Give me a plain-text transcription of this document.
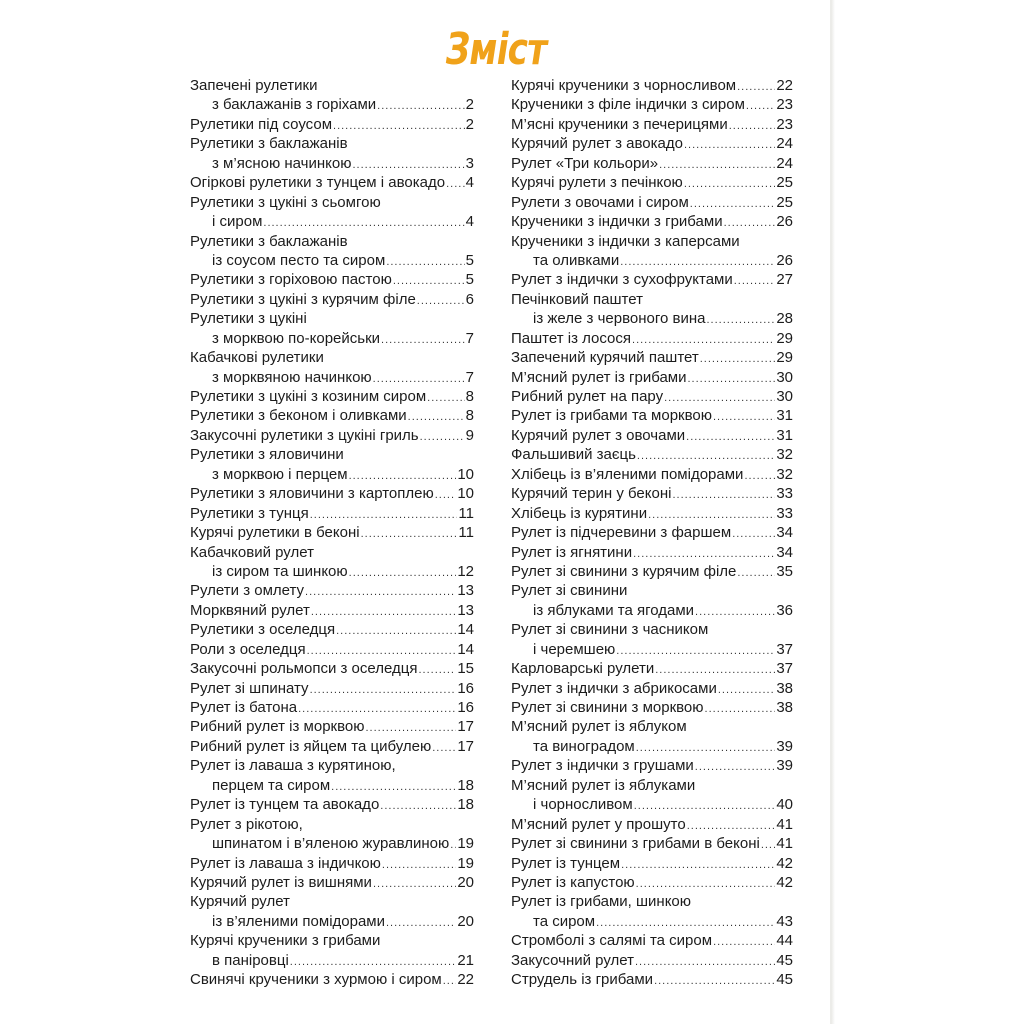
Зміст
Запечені рулетики
з баклажанів з горіхами .....	2
Рулетики під соусом .....	2
Рулетики з баклажанів
з м’ясною начинкою .....	3
Огіркові рулетики з тунцем і авокадо ..... 4
Рулетики з цукіні з сьомгою
і сиром .....	4
Рулетики з баклажанів
із соусом песто та сиром .....	5
Рулетики з горіховою пастою .....	5
Рулетики з цукіні з курячим філе .....	6
Рулетики з цукіні
з морквою по-корейськи .....	7
Кабачкові рулетики
з морквяною начинкою .....	7
Рулетики з цукіні з козиним сиром .....	8
Рулетики з беконом і оливками .....	8
Закусочні рулетики з цукіні гриль .....	9
Рулетики з яловичини
з морквою і перцем .....	10
Рулетики з яловичини з картоплею ..... 10
Рулетики з тунця .....	11
Курячі рулетики в беконі .....	11
Кабачковий рулет
із сиром та шинкою .....	12
Рулети з омлету .....	13
Морквяний рулет .....	13
Рулетики з оселедця .....	14
Роли з оселедця .....	14
Закусочні рольмопси з оселедця .....	15
Рулет зі шпинату .....	16
Рулет із батона .....	16
Рибний рулет із морквою .....	17
Рибний рулет із яйцем та цибулею ..... 17
Рулет із лаваша з курятиною,
перцем та сиром .....	18
Рулет із тунцем та авокадо .....	18
Рулет з рікотою,
шпинатом і в’яленою журавлиною ..... 19
Рулет із лаваша з індичкою .....	19
Курячий рулет із вишнями .....	20
Курячий рулет
із в’яленими помідорами .....	20
Курячі крученики з грибами
в паніровці .....	21
Свинячі крученики з хурмою і сиром ..... 22
Курячі крученики з чорносливом .....	22
Крученики з філе індички з сиром ..... 23
М’ясні крученики з печерицями .....	23
Курячий рулет з авокадо .....	24
Рулет «Три кольори» .....	24
Курячі рулети з печінкою .....	25
Рулети з овочами і сиром .....	25
Крученики з індички з грибами .....	26
Крученики з індички з каперсами
та оливками .....	26
Рулет з індички з сухофруктами .....	27
Печінковий паштет
із желе з червоного вина .....	28
Паштет із лосося .....	29
Запечений курячий паштет .....	29
М’ясний рулет із грибами .....	30
Рибний рулет на пару .....	30
Рулет із грибами та морквою .....	31
Курячий рулет з овочами .....	31
Фальшивий заєць .....	32
Хлібець із в’яленими помідорами ..... 32
Курячий терин у беконі .....	33
Хлібець із курятини .....	33
Рулет із підчеревини з фаршем .....	34
Рулет із ягнятини .....	34
Рулет зі свинини з курячим філе .....	35
Рулет зі свинини
із яблуками та ягодами .....	36
Рулет зі свинини з часником
і черемшею .....	37
Карловарські рулети .....	37
Рулет з індички з абрикосами .....	38
Рулет зі свинини з морквою .....	38
М’ясний рулет із яблуком
та виноградом .....	39
Рулет з індички з грушами .....	39
М’ясний рулет із яблуками
і чорносливом .....	40
М’ясний рулет у прошуто .....	41
Рулет зі свинини з грибами в беконі ..... 41
Рулет із тунцем .....	42
Рулет із капустою .....	42
Рулет із грибами, шинкою
та сиром .....	43
Стромболі з салямі та сиром .....	44
Закусочний рулет .....	45
Струдель із грибами .....	45
